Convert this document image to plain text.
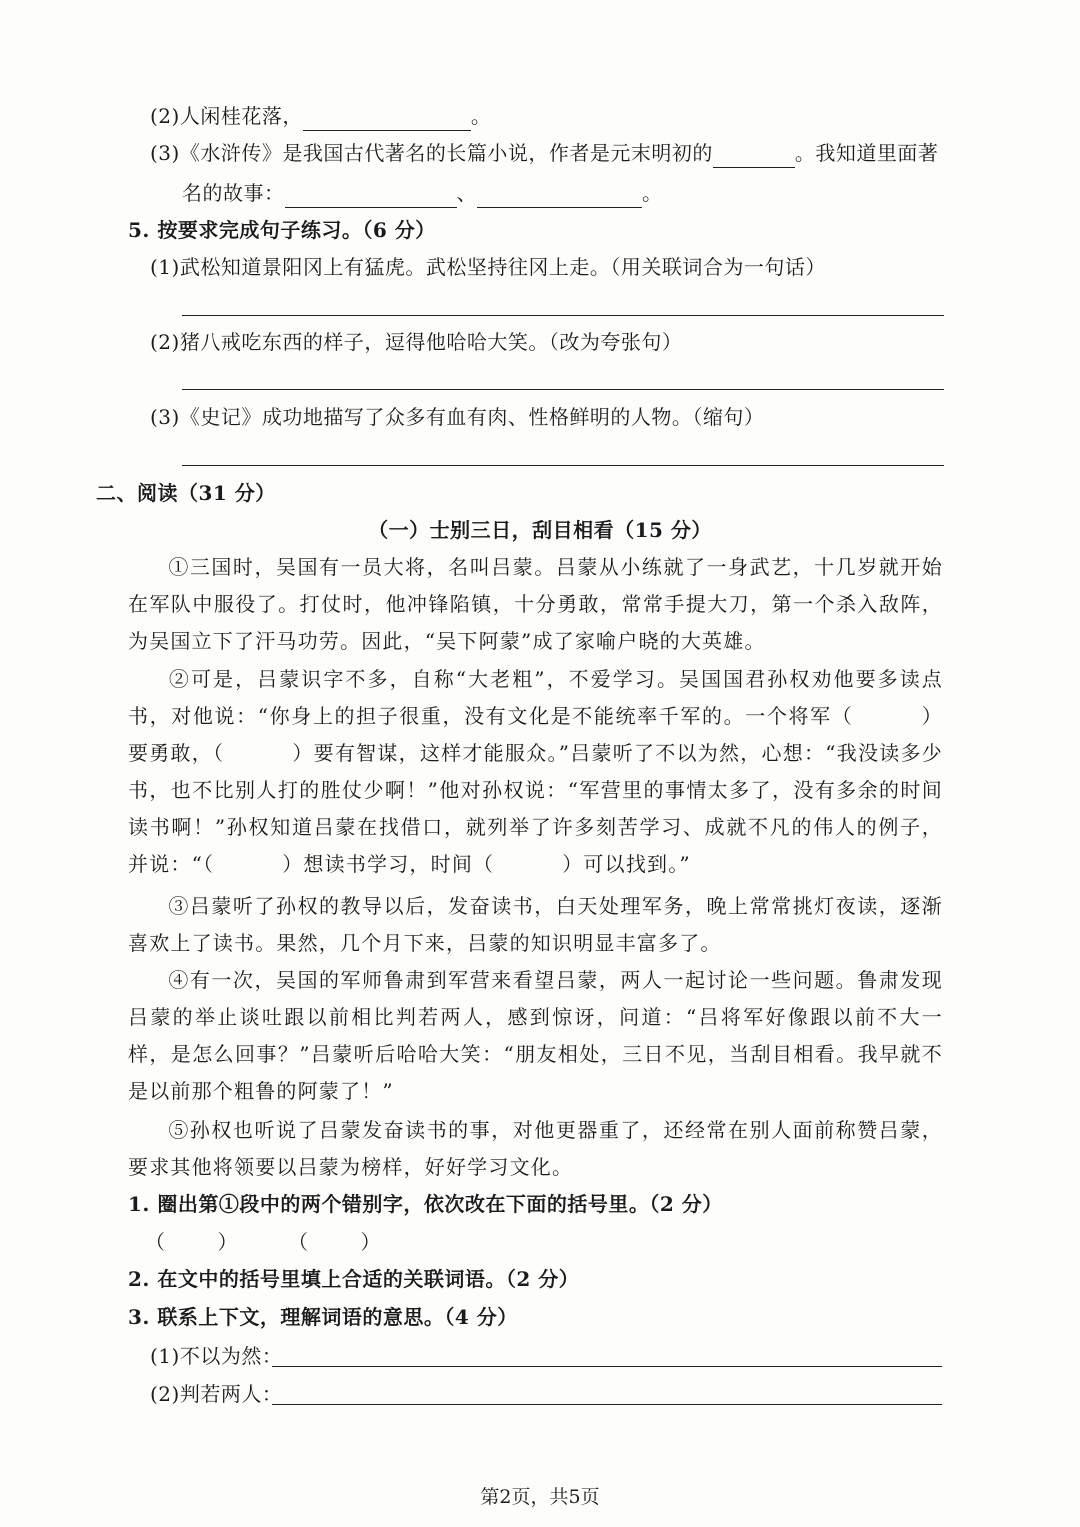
(2)人闲桂花落，	。
(3)《水浒传》是我国古代著名的长篇小说，作者是元末明初的	。我知道里面著
名的故事：	、	。
5. 按要求完成句子练习。（6 分）
(1)武松知道景阳冈上有猛虎。武松坚持往冈上走。（用关联词合为一句话）
(2)猪八戒吃东西的样子，逗得他哈哈大笑。（改为夸张句）
(3)《史记》成功地描写了众多有血有肉、性格鲜明的人物。（缩句）
二、阅读（31 分）
（一）士别三日，刮目相看（15 分）
①三国时，吴国有一员大将，名叫吕蒙。吕蒙从小练就了一身武艺，十几岁就开始在军队中服役了。打仗时，他冲锋陷镇，十分勇敢，常常手提大刀，第一个杀入敌阵，为吴国立下了汗马功劳。因此，“吴下阿蒙”成了家喻户晓的大英雄。
②可是，吕蒙识字不多，自称“大老粗”，不爱学习。吴国国君孙权劝他要多读点书，对他说：“你身上的担子很重，没有文化是不能统率千军的。一个将军（	）要勇敢，（	）要有智谋，这样才能服众。”吕蒙听了不以为然，心想：“我没读多少书，也不比别人打的胜仗少啊！”他对孙权说：“军营里的事情太多了，没有多余的时间读书啊！”孙权知道吕蒙在找借口，就列举了许多刻苦学习、成就不凡的伟人的例子，并说：“（	）想读书学习，时间（	）可以找到。”
③吕蒙听了孙权的教导以后，发奋读书，白天处理军务，晚上常常挑灯夜读，逐渐喜欢上了读书。果然，几个月下来，吕蒙的知识明显丰富多了。
④有一次，吴国的军师鲁肃到军营来看望吕蒙，两人一起讨论一些问题。鲁肃发现吕蒙的举止谈吐跟以前相比判若两人，感到惊讶，问道：“吕将军好像跟以前不大一样，是怎么回事？”吕蒙听后哈哈大笑：“朋友相处，三日不见，当刮目相看。我早就不是以前那个粗鲁的阿蒙了！”
⑤孙权也听说了吕蒙发奋读书的事，对他更器重了，还经常在别人面前称赞吕蒙，要求其他将领要以吕蒙为榜样，好好学习文化。
1. 圈出第①段中的两个错别字，依次改在下面的括号里。（2 分）
（	）	（	）
2. 在文中的括号里填上合适的关联词语。（2 分）
3. 联系上下文，理解词语的意思。（4 分）
(1)不以为然：
(2)判若两人：
第2页，共5页
